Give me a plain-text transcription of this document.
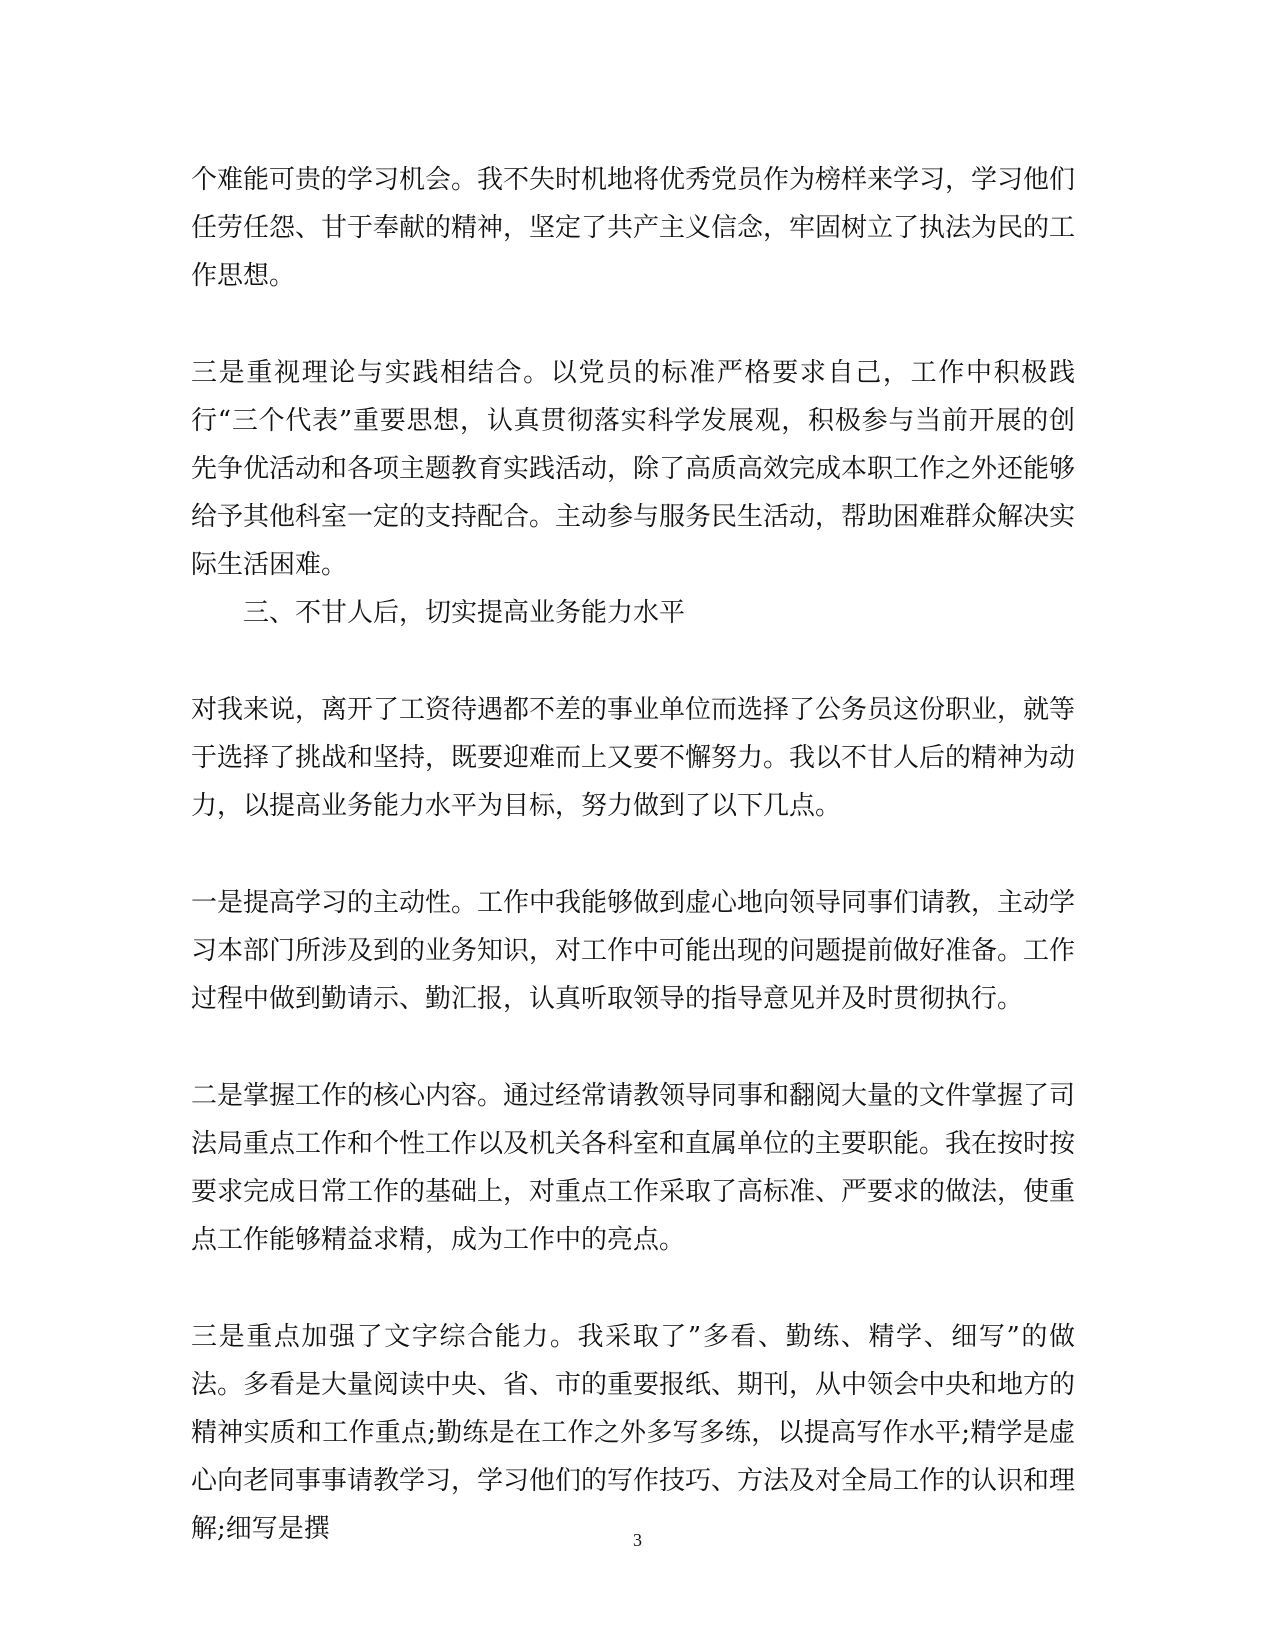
个难能可贵的学习机会。我不失时机地将优秀党员作为榜样来学习，学习他们任劳任怨、甘于奉献的精神，坚定了共产主义信念，牢固树立了执法为民的工作思想。

三是重视理论与实践相结合。以党员的标准严格要求自己，工作中积极践行“三个代表”重要思想，认真贯彻落实科学发展观，积极参与当前开展的创先争优活动和各项主题教育实践活动，除了高质高效完成本职工作之外还能够给予其他科室一定的支持配合。主动参与服务民生活动，帮助困难群众解决实际生活困难。

三、不甘人后，切实提高业务能力水平

对我来说，离开了工资待遇都不差的事业单位而选择了公务员这份职业，就等于选择了挑战和坚持，既要迎难而上又要不懈努力。我以不甘人后的精神为动力，以提高业务能力水平为目标，努力做到了以下几点。

一是提高学习的主动性。工作中我能够做到虚心地向领导同事们请教，主动学习本部门所涉及到的业务知识，对工作中可能出现的问题提前做好准备。工作过程中做到勤请示、勤汇报，认真听取领导的指导意见并及时贯彻执行。

二是掌握工作的核心内容。通过经常请教领导同事和翻阅大量的文件掌握了司法局重点工作和个性工作以及机关各科室和直属单位的主要职能。我在按时按要求完成日常工作的基础上，对重点工作采取了高标准、严要求的做法，使重点工作能够精益求精，成为工作中的亮点。

三是重点加强了文字综合能力。我采取了”多看、勤练、精学、细写”的做法。多看是大量阅读中央、省、市的重要报纸、期刊，从中领会中央和地方的精神实质和工作重点;勤练是在工作之外多写多练，以提高写作水平;精学是虚心向老同事事请教学习，学习他们的写作技巧、方法及对全局工作的认识和理解;细写是撰	3
